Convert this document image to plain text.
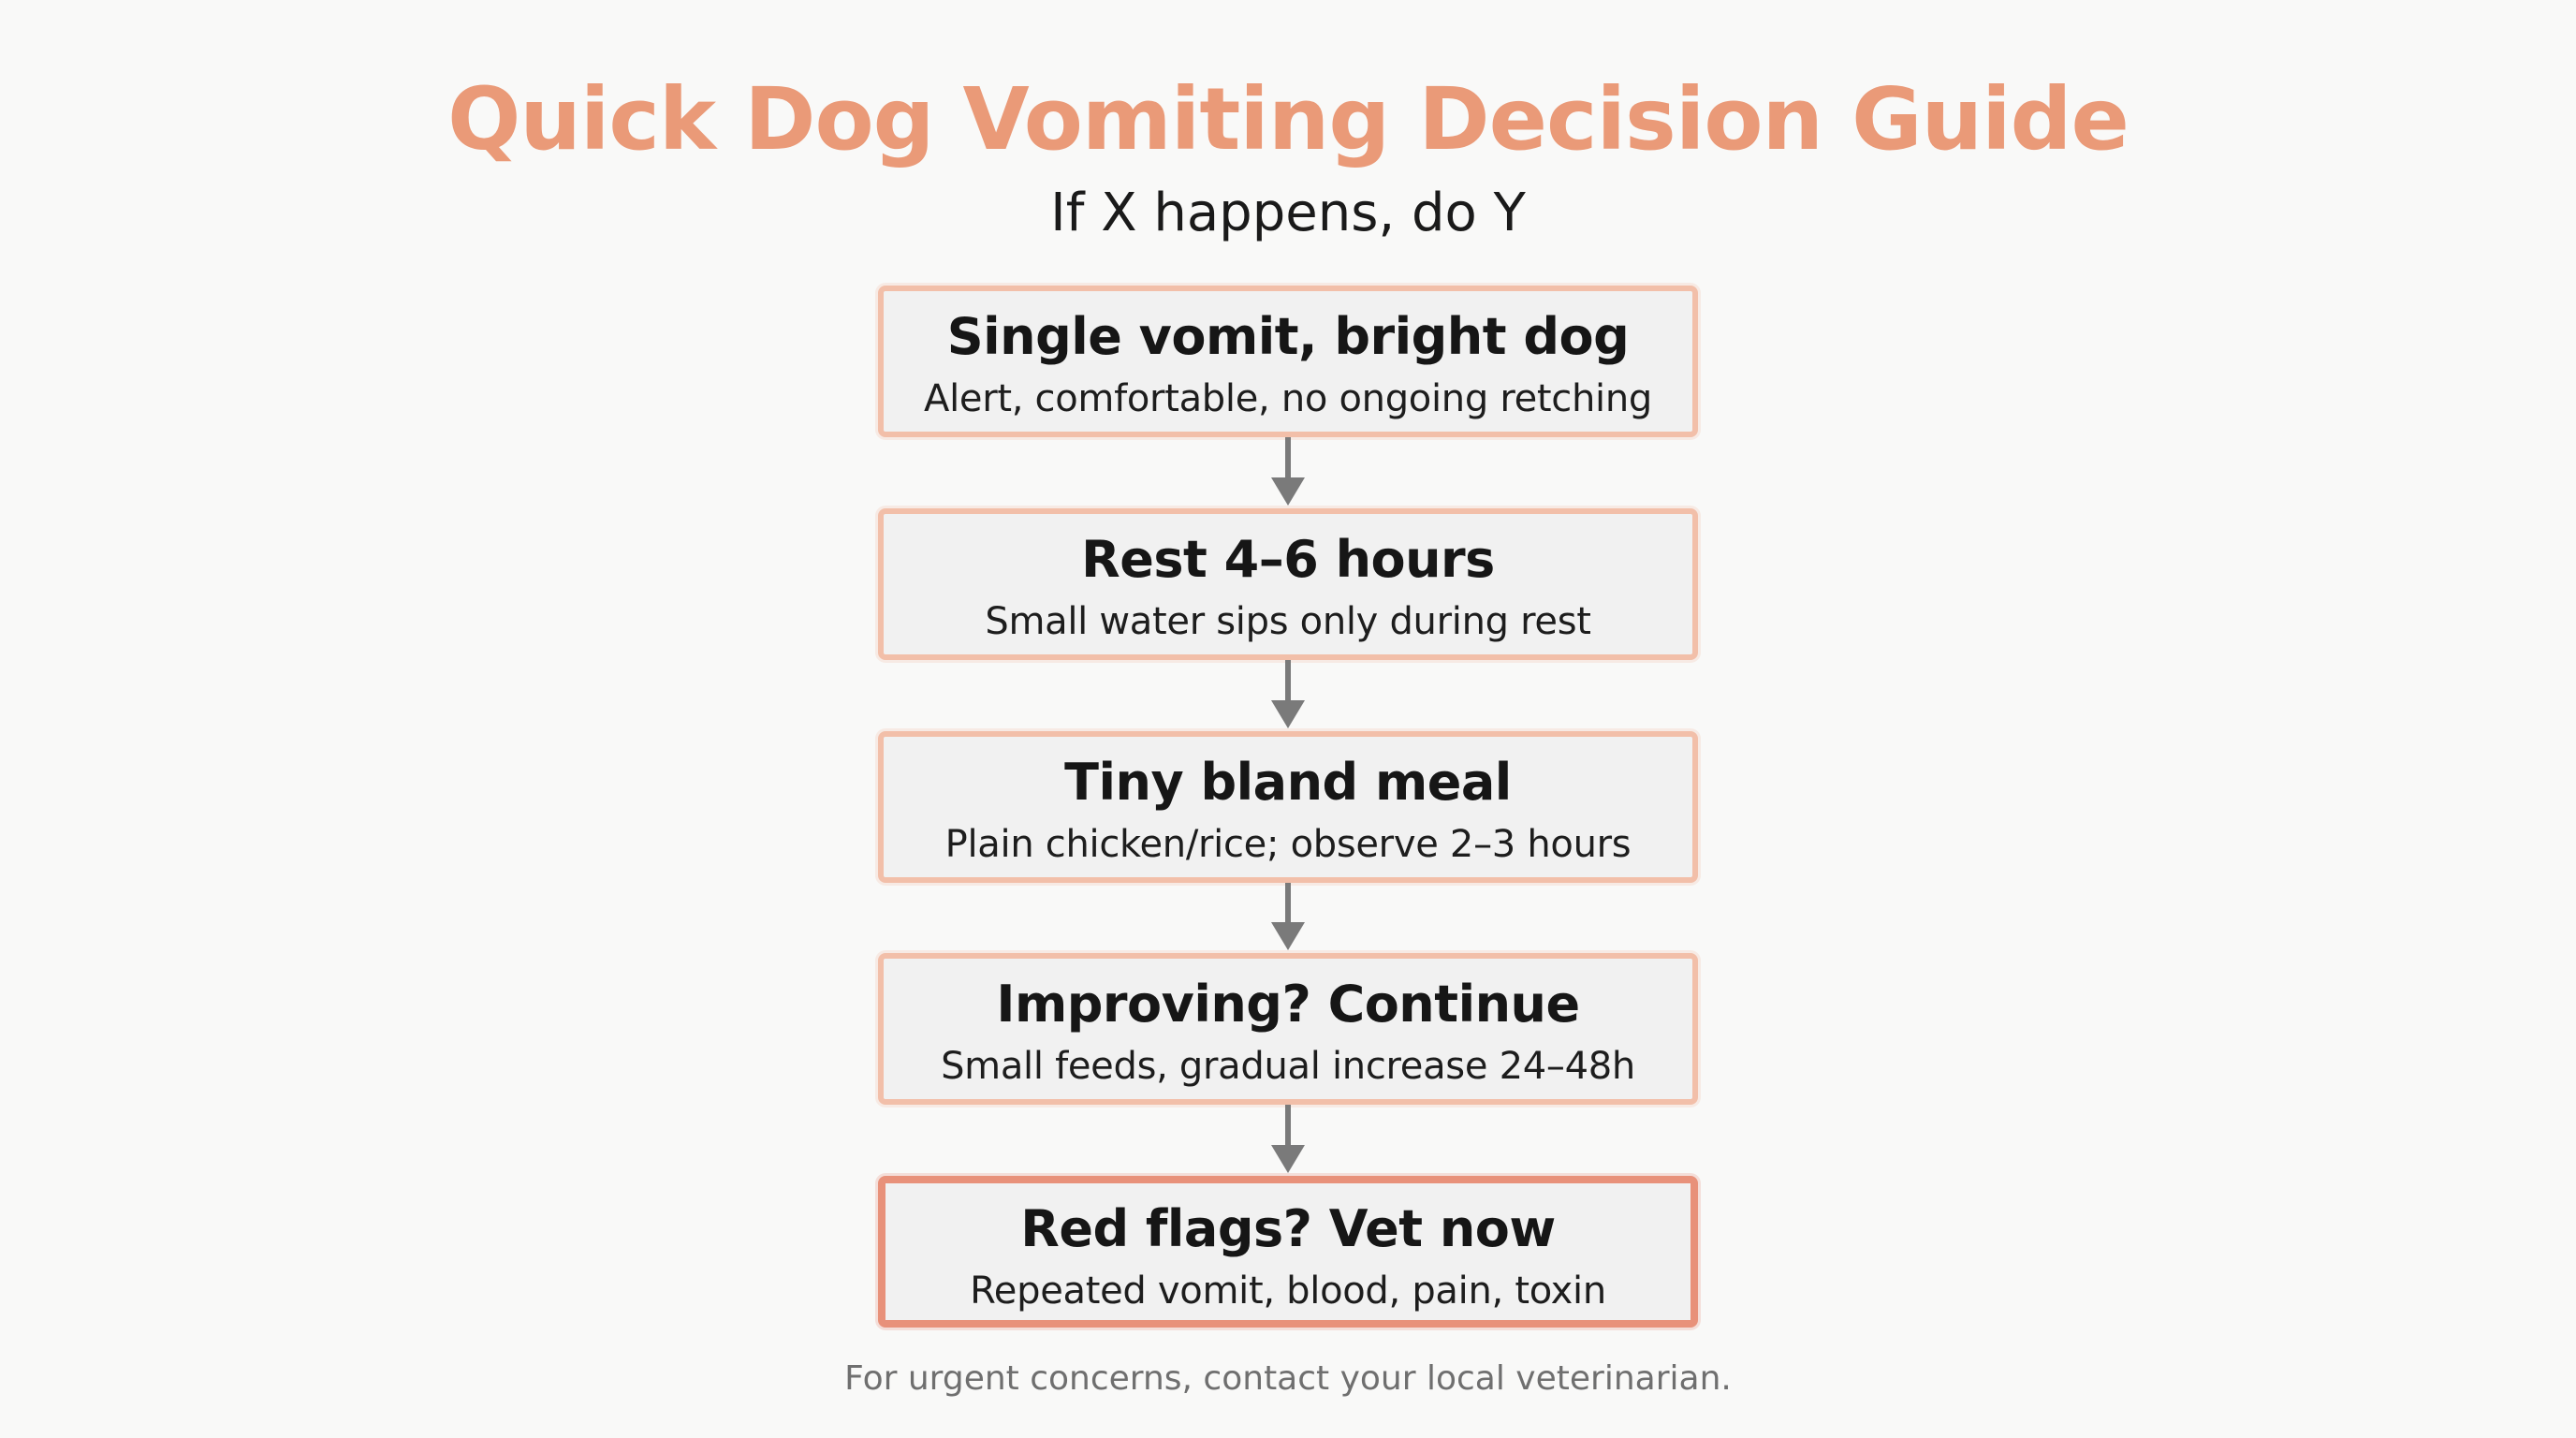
Quick Dog Vomiting Decision Guide
If X happens, do Y
Single vomit, bright dog
Alert, comfortable, no ongoing retching
Rest 4–6 hours
Small water sips only during rest
Tiny bland meal
Plain chicken/rice; observe 2–3 hours
Improving? Continue
Small feeds, gradual increase 24–48h
Red flags? Vet now
Repeated vomit, blood, pain, toxin
For urgent concerns, contact your local veterinarian.
